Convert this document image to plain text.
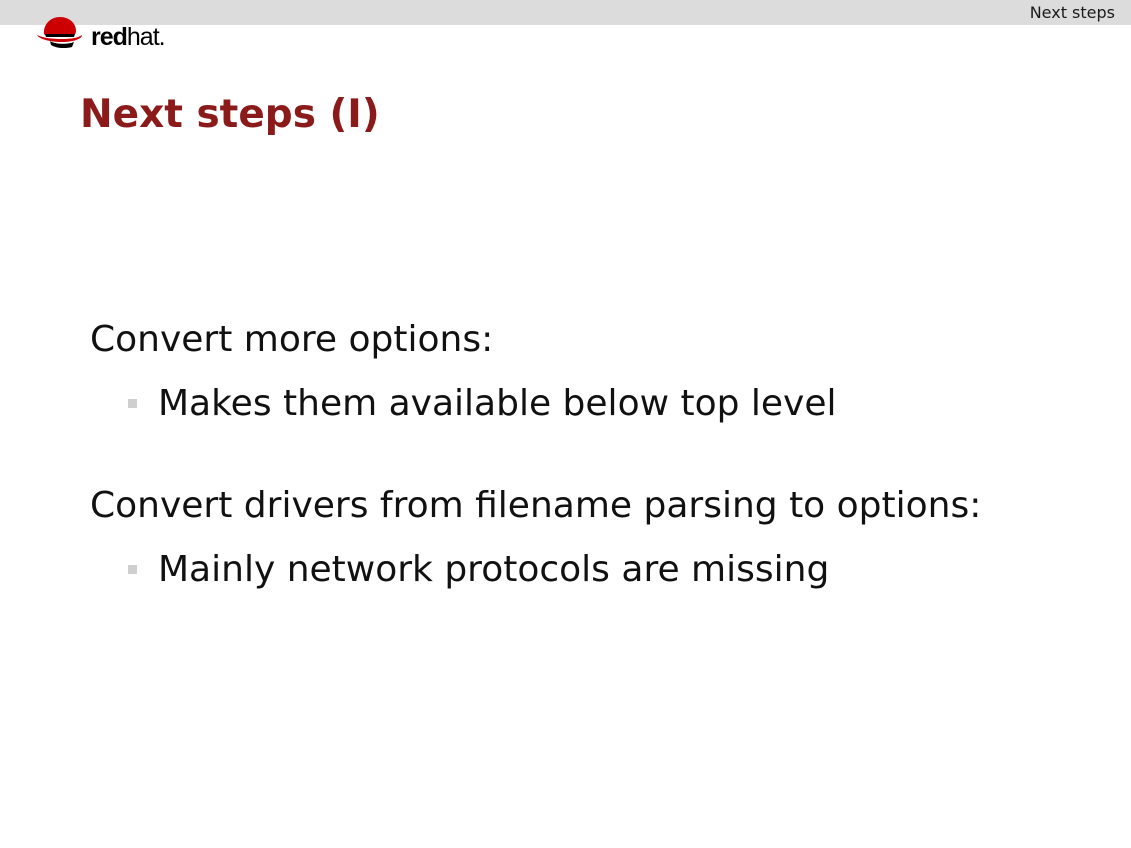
Next steps
redhat.
Next steps (I)
Convert more options:
Makes them available below top level
Convert drivers from filename parsing to options:
Mainly network protocols are missing
